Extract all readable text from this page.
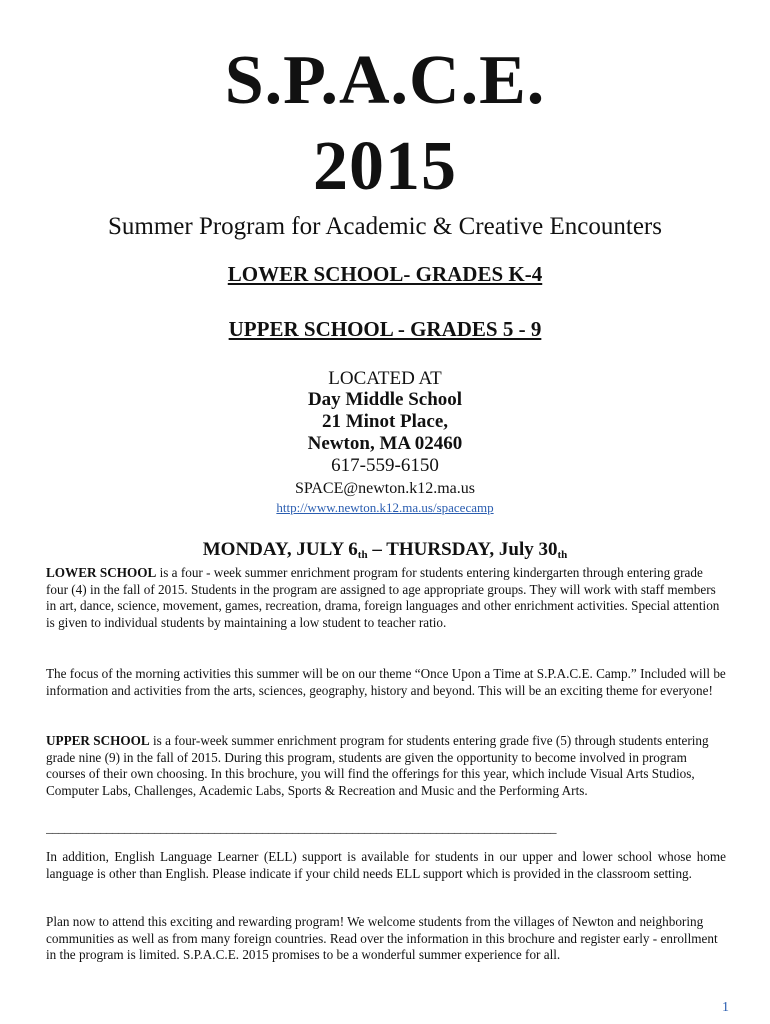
S.P.A.C.E.
2015
Summer Program for Academic & Creative Encounters
LOWER SCHOOL- GRADES K-4
UPPER SCHOOL - GRADES 5 - 9
LOCATED AT
Day Middle School
21 Minot Place,
Newton, MA 02460
617-559-6150
SPACE@newton.k12.ma.us
http://www.newton.k12.ma.us/spacecamp
MONDAY, JULY $6_{th}$ – THURSDAY, July $30_{th}$

LOWER SCHOOL is a four - week summer enrichment program for students entering kindergarten through entering grade four (4) in the fall of 2015. Students in the program are assigned to age appropriate groups. They will work with staff members in art, dance, science, movement, games, recreation, drama, foreign languages and other enrichment activities. Special attention is given to individual students by maintaining a low student to teacher ratio.

The focus of the morning activities this summer will be on our theme “Once Upon a Time at S.P.A.C.E. Camp.” Included will be information and activities from the arts, sciences, geography, history and beyond. This will be an exciting theme for everyone!

UPPER SCHOOL is a four-week summer enrichment program for students entering grade five (5) through students entering grade nine (9) in the fall of 2015. During this program, students are given the opportunity to become involved in program courses of their own choosing. In this brochure, you will find the offerings for this year, which include Visual Arts Studios, Computer Labs, Challenges, Academic Labs, Sports & Recreation and Music and the Performing Arts.

_____________________________________________________________________________________

In addition, English Language Learner (ELL) support is available for students in our upper and lower school whose home language is other than English. Please indicate if your child needs ELL support which is provided in the classroom setting.

Plan now to attend this exciting and rewarding program! We welcome students from the villages of Newton and neighboring communities as well as from many foreign countries. Read over the information in this brochure and register early - enrollment in the program is limited. S.P.A.C.E. 2015 promises to be a wonderful summer experience for all.

1
